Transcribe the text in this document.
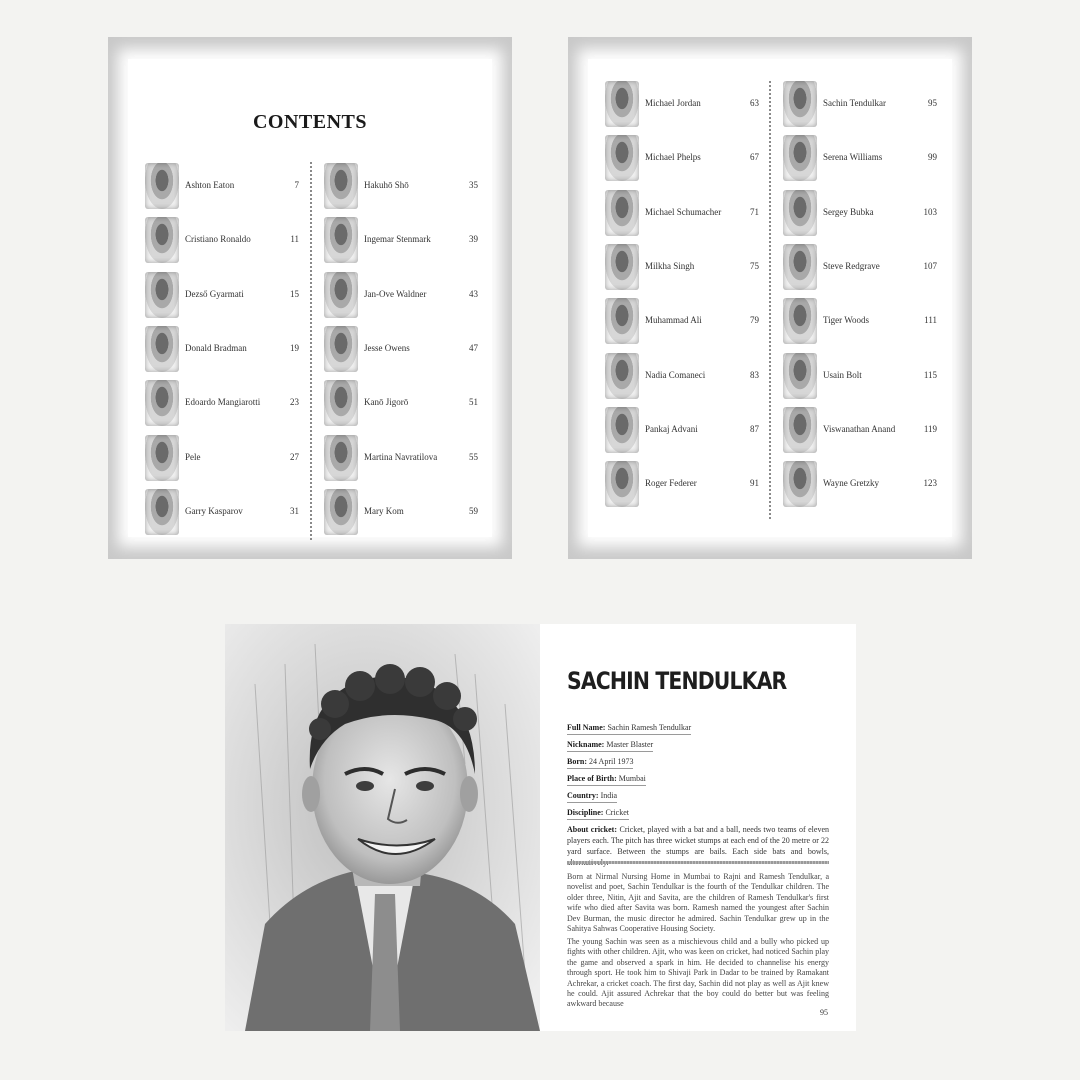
CONTENTS
Ashton Eaton	7
Cristiano Ronaldo	11
Dezső Gyarmati	15
Donald Bradman	19
Edoardo Mangiarotti	23
Pele	27
Garry Kasparov	31
Hakuhō Shō	35
Ingemar Stenmark	39
Jan-Ove Waldner	43
Jesse Owens	47
Kanō Jigorō	51
Martina Navratilova	55
Mary Kom	59
Michael Jordan	63
Michael Phelps	67
Michael Schumacher	71
Milkha Singh	75
Muhammad Ali	79
Nadia Comaneci	83
Pankaj Advani	87
Roger Federer	91
Sachin Tendulkar	95
Serena Williams	99
Sergey Bubka	103
Steve Redgrave	107
Tiger Woods	111
Usain Bolt	115
Viswanathan Anand	119
Wayne Gretzky	123
SACHIN TENDULKAR
Full Name: Sachin Ramesh Tendulkar
Nickname: Master Blaster
Born: 24 April 1973
Place of Birth: Mumbai
Country: India
Discipline: Cricket
About cricket: Cricket, played with a bat and a ball, needs two teams of eleven players each. The pitch has three wicket stumps at each end of the 20 metre or 22 yard surface. Between the stumps are bails. Each side bats and bowls,
Born at Nirmal Nursing Home in Mumbai to Rajni and Ramesh Tendulkar, a novelist and poet, Sachin Tendulkar is the fourth of the Tendulkar children. The older three, Nitin, Ajit and Savita, are the children of Ramesh Tendulkar's first wife who died after Savita was born. Ramesh named the youngest after Sachin Dev Burman, the music director he admired. Sachin Tendulkar grew up in the Sahitya Sahwas Cooperative Housing Society.
The young Sachin was seen as a mischievous child and a bully who picked up fights with other children. Ajit, who was keen on cricket, had noticed Sachin play the game and observed a spark in him. He decided to channelise his energy through sport. He took him to Shivaji Park in Dadar to be trained by Ramakant Achrekar, a cricket coach. The first day, Sachin did not play as well as Ajit knew he could. Ajit assured Achrekar that the boy could do better but was feeling awkward because
95
